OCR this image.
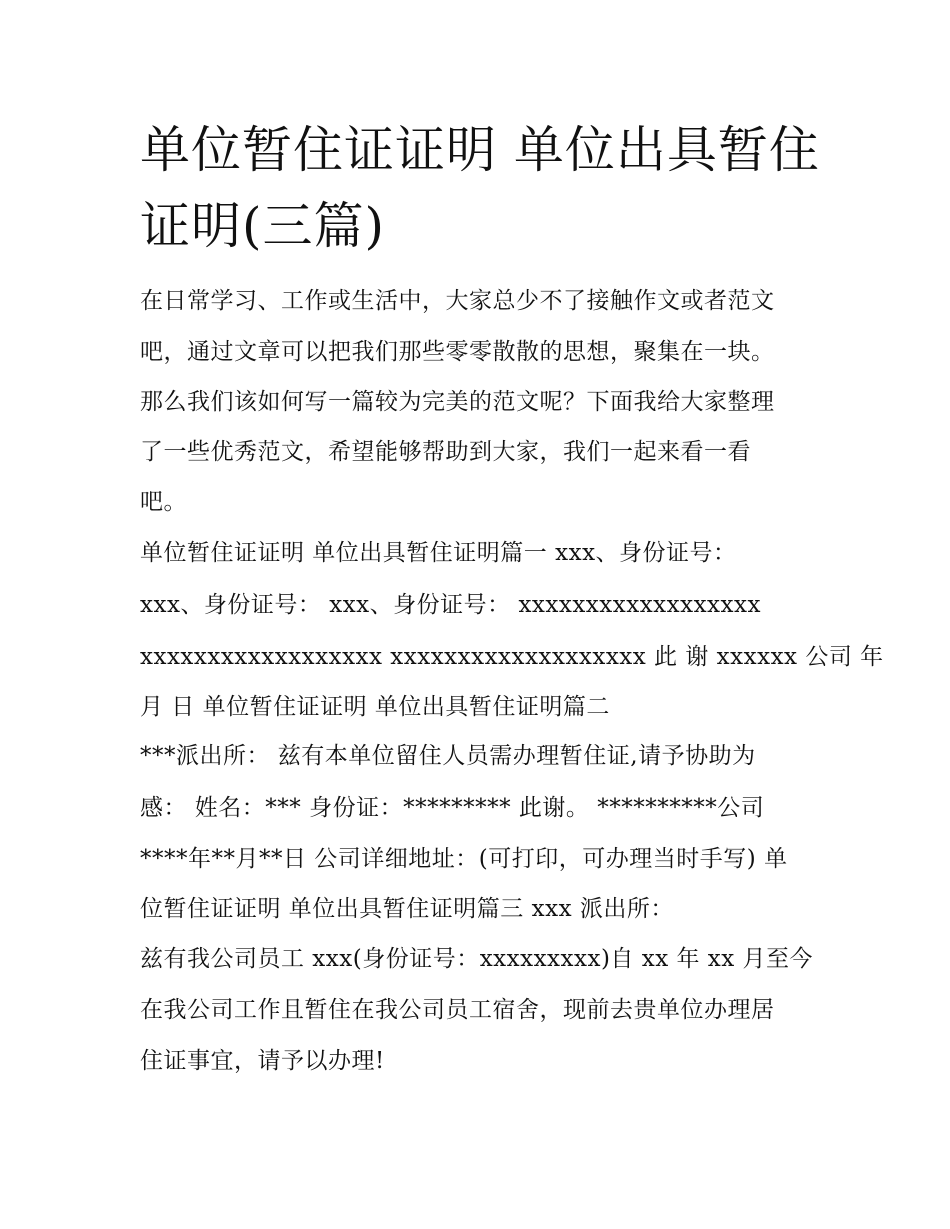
单位暂住证证明 单位出具暂住证明(三篇)
在日常学习、工作或生活中，大家总少不了接触作文或者范文
吧，通过文章可以把我们那些零零散散的思想，聚集在一块。
那么我们该如何写一篇较为完美的范文呢？下面我给大家整理
了一些优秀范文，希望能够帮助到大家，我们一起来看一看
吧。
单位暂住证证明 单位出具暂住证明篇一 xxx、身份证号：
xxx、身份证号： xxx、身份证号： xxxxxxxxxxxxxxxxxx
xxxxxxxxxxxxxxxxxx xxxxxxxxxxxxxxxxxxx 此 谢 xxxxxx 公司 年
月 日 单位暂住证证明 单位出具暂住证明篇二
***派出所： 兹有本单位留住人员需办理暂住证,请予协助为
感： 姓名：*** 身份证：********* 此谢。 **********公司
****年**月**日 公司详细地址：(可打印，可办理当时手写) 单
位暂住证证明 单位出具暂住证明篇三 xxx 派出所：
兹有我公司员工 xxx(身份证号：xxxxxxxxx)自 xx 年 xx 月至今
在我公司工作且暂住在我公司员工宿舍，现前去贵单位办理居
住证事宜，请予以办理!
